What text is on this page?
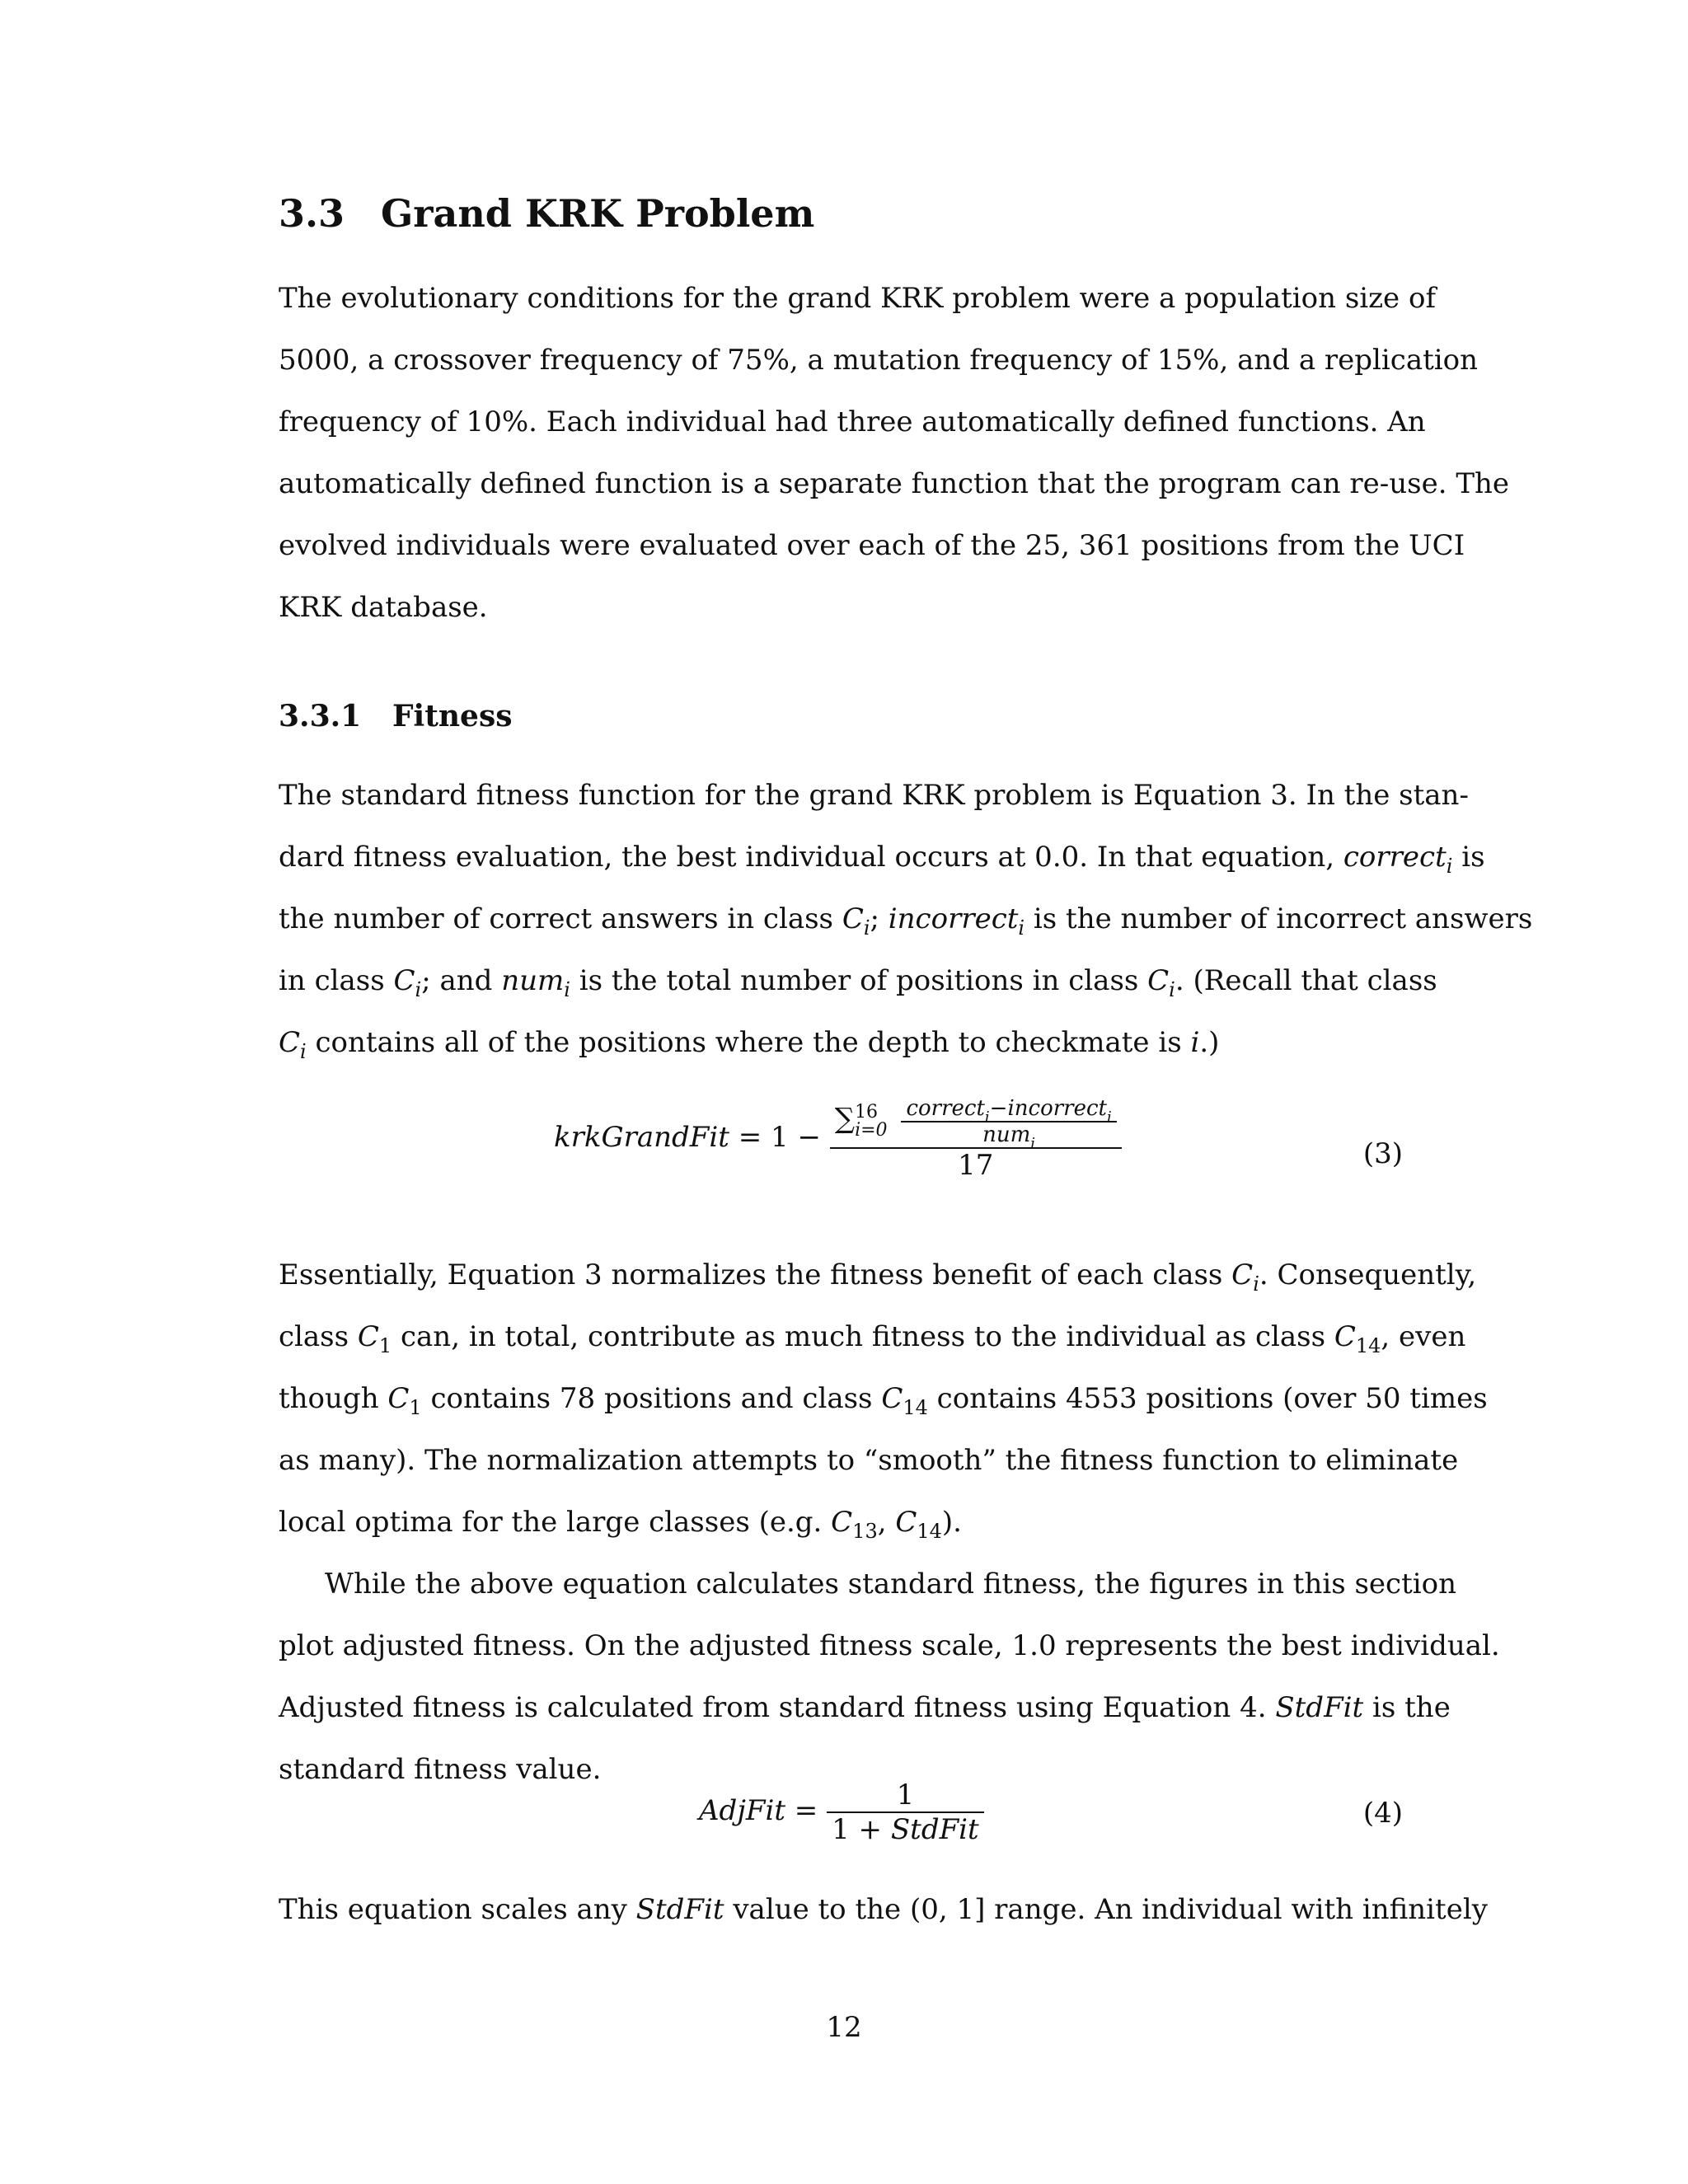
3.3 Grand KRK Problem
The evolutionary conditions for the grand KRK problem were a population size of
5000, a crossover frequency of 75%, a mutation frequency of 15%, and a replication
frequency of 10%. Each individual had three automatically defined functions. An
automatically defined function is a separate function that the program can re-use. The
evolved individuals were evaluated over each of the 25, 361 positions from the UCI
KRK database.
3.3.1 Fitness
The standard fitness function for the grand KRK problem is Equation 3. In the stan-
dard fitness evaluation, the best individual occurs at 0.0. In that equation, correct$_i$ is
the number of correct answers in class $C_i$; incorrect$_i$ is the number of incorrect answers
in class $C_i$; and num$_i$ is the total number of positions in class $C_i$. (Recall that class
$C_i$ contains all of the positions where the depth to checkmate is i.)
krkGrandFit = 1 −
∑ 16
i=0
$\frac{correct_i-incorrect_i}{num_i}$
17	(3)
Essentially, Equation 3 normalizes the fitness benefit of each class $C_i$. Consequently,
class $C_1$ can, in total, contribute as much fitness to the individual as class $C_{14}$, even
though $C_1$ contains 78 positions and class $C_{14}$ contains 4553 positions (over 50 times
as many). The normalization attempts to “smooth” the fitness function to eliminate
local optima for the large classes (e.g. $C_{13}$, $C_{14}$).
While the above equation calculates standard fitness, the figures in this section
plot adjusted fitness. On the adjusted fitness scale, 1.0 represents the best individual.
Adjusted fitness is calculated from standard fitness using Equation 4. StdFit is the
standard fitness value.
AdjFit = $\frac{1}{\text{1 + StdFit}}$	(4)
This equation scales any StdFit value to the (0, 1] range. An individual with infinitely
12
